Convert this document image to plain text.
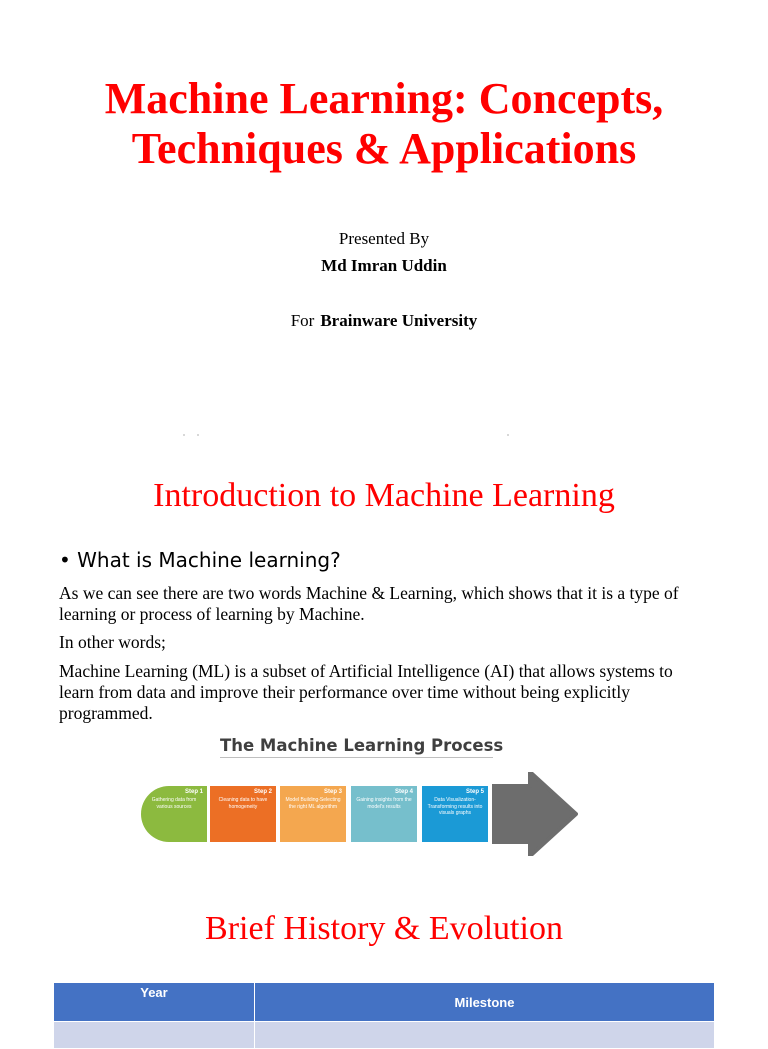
Machine Learning: Concepts, Techniques & Applications
Presented By
Md Imran Uddin
For Brainware University
Introduction to Machine Learning
• What is Machine learning?

As we can see there are two words Machine & Learning, which shows that it is a type of learning or process of learning by Machine.

In other words;

Machine Learning (ML) is a subset of Artificial Intelligence (AI) that allows systems to learn from data and improve their performance over time without being explicitly programmed.

The Machine Learning Process
Step 1
Gathering data from various sources
Step 2
Cleaning data to have homogeneity
Step 3
Model Building-Selecting the right ML algorithm
Step 4
Gaining insights from the model's results
Step 5
Data Visualization-Transforming results into visuals graphs
Brief History & Evolution
Year	Milestone
